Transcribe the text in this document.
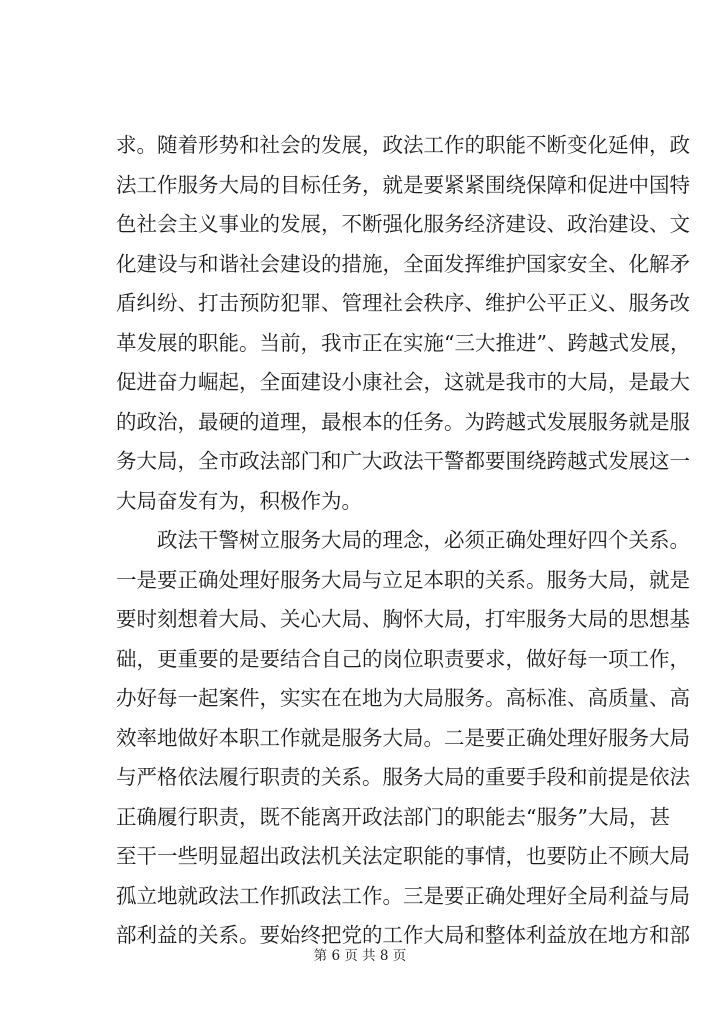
求。随着形势和社会的发展，政法工作的职能不断变化延伸，政
法工作服务大局的目标任务，就是要紧紧围绕保障和促进中国特
色社会主义事业的发展，不断强化服务经济建设、政治建设、文
化建设与和谐社会建设的措施，全面发挥维护国家安全、化解矛
盾纠纷、打击预防犯罪、管理社会秩序、维护公平正义、服务改
革发展的职能。当前，我市正在实施“三大推进”、跨越式发展，
促进奋力崛起，全面建设小康社会，这就是我市的大局，是最大
的政治，最硬的道理，最根本的任务。为跨越式发展服务就是服
务大局，全市政法部门和广大政法干警都要围绕跨越式发展这一
大局奋发有为，积极作为。
政法干警树立服务大局的理念，必须正确处理好四个关系。
一是要正确处理好服务大局与立足本职的关系。服务大局，就是
要时刻想着大局、关心大局、胸怀大局，打牢服务大局的思想基
础，更重要的是要结合自己的岗位职责要求，做好每一项工作，
办好每一起案件，实实在在地为大局服务。高标准、高质量、高
效率地做好本职工作就是服务大局。二是要正确处理好服务大局
与严格依法履行职责的关系。服务大局的重要手段和前提是依法
正确履行职责，既不能离开政法部门的职能去“服务”大局，甚
至干一些明显超出政法机关法定职能的事情，也要防止不顾大局
孤立地就政法工作抓政法工作。三是要正确处理好全局利益与局
部利益的关系。要始终把党的工作大局和整体利益放在地方和部
第 6 页 共 8 页
